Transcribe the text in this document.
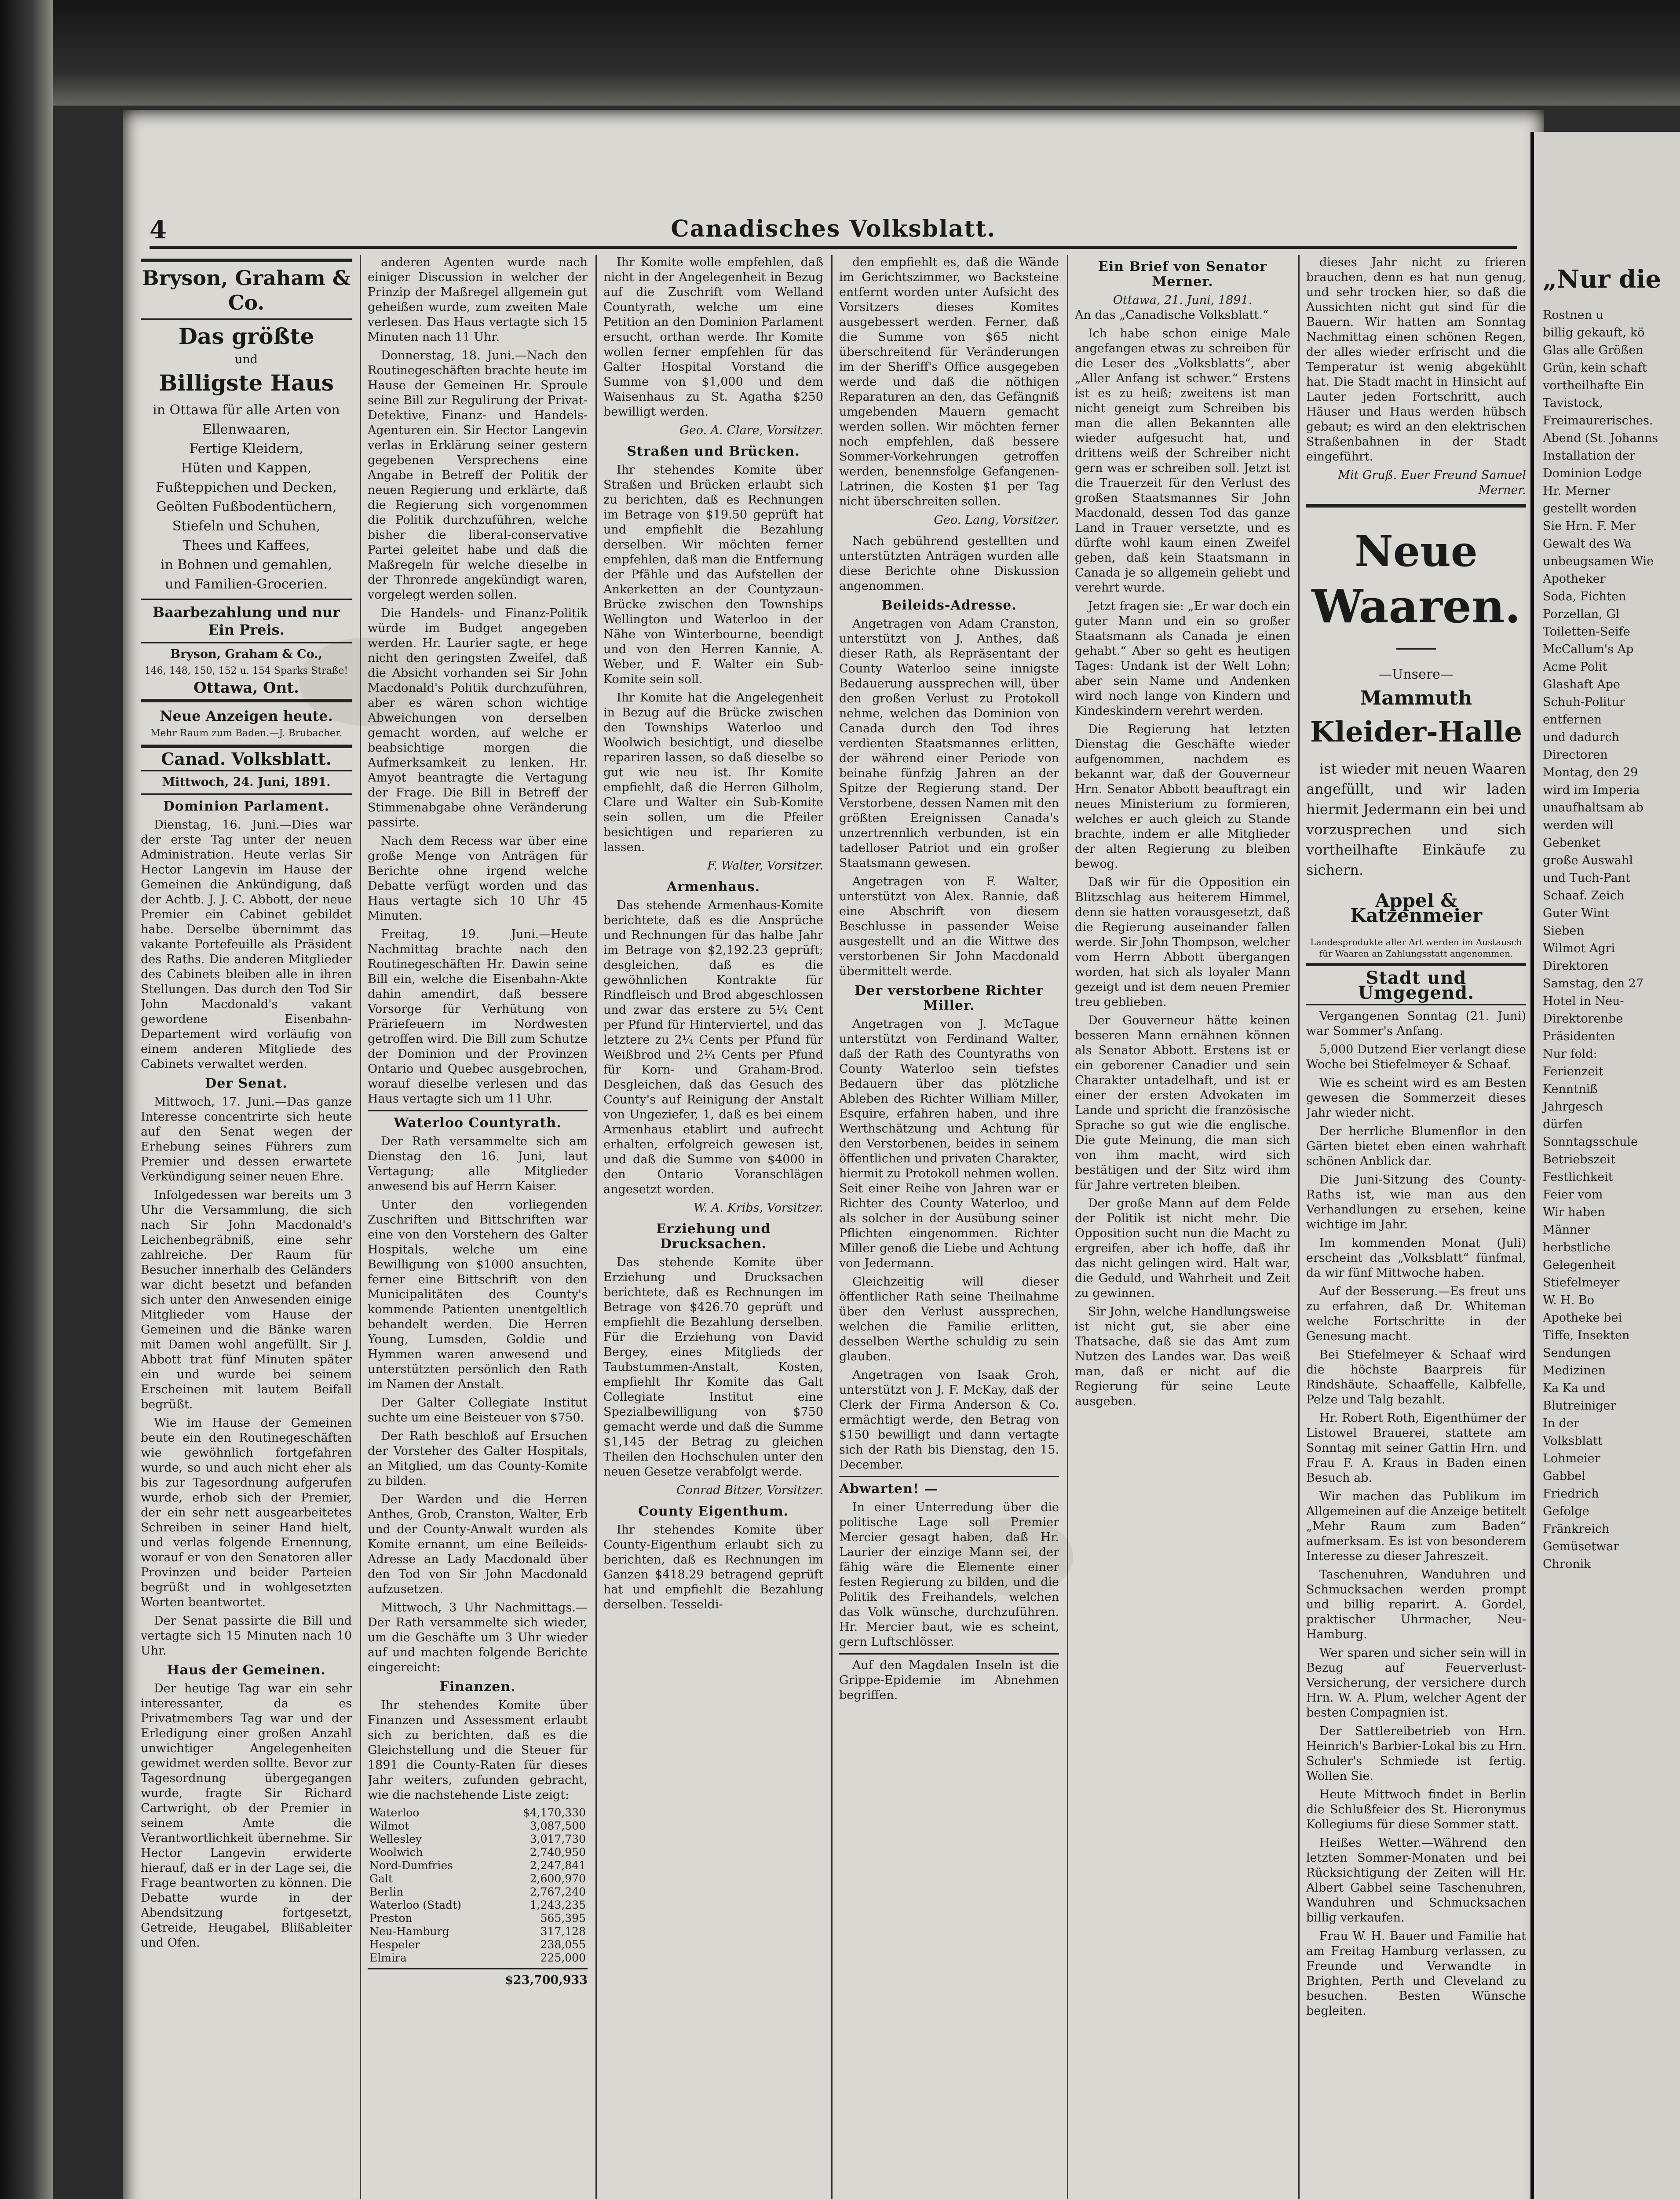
4	Canadisches Volksblatt.
Bryson, Graham & Co.
Das größte
und
Billigste Haus
in Ottawa für alle Arten von
Ellenwaaren,
Fertige Kleidern,
Hüten und Kappen,
Fußteppichen und Decken,
Geölten Fußbodentüchern,
Stiefeln und Schuhen,
Thees und Kaffees,
in Bohnen und gemahlen,
und Familien-Grocerien.
Baarbezahlung und nur Ein Preis.
Bryson, Graham & Co.,
146, 148, 150, 152 u. 154 Sparks Straße!
Ottawa, Ont.
Neue Anzeigen heute.
Mehr Raum zum Baden.—J. Brubacher.
Canad. Volksblatt.
Mittwoch, 24. Juni, 1891.
Dominion Parlament.

Dienstag, 16. Juni.—Dies war der erste Tag unter der neuen Administration. Heute verlas Sir Hector Langevin im Hause der Gemeinen die Ankündigung, daß der Achtb. J. J. C. Abbott, der neue Premier ein Cabinet gebildet habe. Derselbe übernimmt das vakante Portefeuille als Präsident des Raths. Die anderen Mitglieder des Cabinets bleiben alle in ihren Stellungen. Das durch den Tod Sir John Macdonald's vakant gewordene Eisenbahn-Departement wird vorläufig von einem anderen Mitgliede des Cabinets verwaltet werden.

Der Senat.

Mittwoch, 17. Juni.—Das ganze Interesse concentrirte sich heute auf den Senat wegen der Erhebung seines Führers zum Premier und dessen erwartete Verkündigung seiner neuen Ehre.

Infolgedessen war bereits um 3 Uhr die Versammlung, die sich nach Sir John Macdonald's Leichenbegräbniß, eine sehr zahlreiche. Der Raum für Besucher innerhalb des Geländers war dicht besetzt und befanden sich unter den Anwesenden einige Mitglieder vom Hause der Gemeinen und die Bänke waren mit Damen wohl angefüllt. Sir J. Abbott trat fünf Minuten später ein und wurde bei seinem Erscheinen mit lautem Beifall begrüßt.

Wie im Hause der Gemeinen beute ein den Routinegeschäften wie gewöhnlich fortgefahren wurde, so und auch nicht eher als bis zur Tagesordnung aufgerufen wurde, erhob sich der Premier, der ein sehr nett ausgearbeitetes Schreiben in seiner Hand hielt, und verlas folgende Ernennung, worauf er von den Senatoren aller Provinzen und beider Parteien begrüßt und in wohlgesetzten Worten beantwortet.

Der Senat passirte die Bill und vertagte sich 15 Minuten nach 10 Uhr.

Haus der Gemeinen.

Der heutige Tag war ein sehr interessanter, da es Privatmembers Tag war und der Erledigung einer großen Anzahl unwichtiger Angelegenheiten gewidmet werden sollte. Bevor zur Tagesordnung übergegangen wurde, fragte Sir Richard Cartwright, ob der Premier in seinem Amte die Verantwortlichkeit übernehme. Sir Hector Langevin erwiderte hierauf, daß er in der Lage sei, die Frage beantworten zu können. Die Debatte wurde in der Abendsitzung fortgesetzt, Getreide, Heugabel, Blißableiter und Ofen.

anderen Agenten wurde nach einiger Discussion in welcher der Prinzip der Maßregel allgemein gut geheißen wurde, zum zweiten Male verlesen. Das Haus vertagte sich 15 Minuten nach 11 Uhr.

Donnerstag, 18. Juni.—Nach den Routinegeschäften brachte heute im Hause der Gemeinen Hr. Sproule seine Bill zur Regulirung der Privat-Detektive, Finanz- und Handels-Agenturen ein. Sir Hector Langevin verlas in Erklärung seiner gestern gegebenen Versprechens eine Angabe in Betreff der Politik der neuen Regierung und erklärte, daß die Regierung sich vorgenommen die Politik durchzuführen, welche bisher die liberal-conservative Partei geleitet habe und daß die Maßregeln für welche dieselbe in der Thronrede angekündigt waren, vorgelegt werden sollen.

Die Handels- und Finanz-Politik würde im Budget angegeben werden. Hr. Laurier sagte, er hege nicht den geringsten Zweifel, daß die Absicht vorhanden sei Sir John Macdonald's Politik durchzuführen, aber es wären schon wichtige Abweichungen von derselben gemacht worden, auf welche er beabsichtige morgen die Aufmerksamkeit zu lenken. Hr. Amyot beantragte die Vertagung der Frage. Die Bill in Betreff der Stimmenabgabe ohne Veränderung passirte.

Nach dem Recess war über eine große Menge von Anträgen für Berichte ohne irgend welche Debatte verfügt worden und das Haus vertagte sich 10 Uhr 45 Minuten.

Freitag, 19. Juni.—Heute Nachmittag brachte nach den Routinegeschäften Hr. Dawin seine Bill ein, welche die Eisenbahn-Akte dahin amendirt, daß bessere Vorsorge für Verhütung von Präriefeuern im Nordwesten getroffen wird. Die Bill zum Schutze der Dominion und der Provinzen Ontario und Quebec ausgebrochen, worauf dieselbe verlesen und das Haus vertagte sich um 11 Uhr.

Waterloo Countyrath.

Der Rath versammelte sich am Dienstag den 16. Juni, laut Vertagung; alle Mitglieder anwesend bis auf Herrn Kaiser.

Unter den vorliegenden Zuschriften und Bittschriften war eine von den Vorstehern des Galter Hospitals, welche um eine Bewilligung von $1000 ansuchten, ferner eine Bittschrift von den Municipalitäten des County's kommende Patienten unentgeltlich behandelt werden. Die Herren Young, Lumsden, Goldie und Hymmen waren anwesend und unterstützten persönlich den Rath im Namen der Anstalt.

Der Galter Collegiate Institut suchte um eine Beisteuer von $750.

Der Rath beschloß auf Ersuchen der Vorsteher des Galter Hospitals, an Mitglied, um das County-Komite zu bilden.

Der Warden und die Herren Anthes, Grob, Cranston, Walter, Erb und der County-Anwalt wurden als Komite ernannt, um eine Beileids-Adresse an Lady Macdonald über den Tod von Sir John Macdonald aufzusetzen.

Mittwoch, 3 Uhr Nachmittags.—Der Rath versammelte sich wieder, um die Geschäfte um 3 Uhr wieder auf und machten folgende Berichte eingereicht:

Finanzen.

Ihr stehendes Komite über Finanzen und Assessment erlaubt sich zu berichten, daß es die Gleichstellung und die Steuer für 1891 die County-Raten für dieses Jahr weiters, zufunden gebracht, wie die nachstehende Liste zeigt:

Waterloo	$4,170,330
Wilmot	3,087,500
Wellesley	3,017,730
Woolwich	2,740,950
Nord-Dumfries	2,247,841
Galt	2,600,970
Berlin	2,767,240
Waterloo (Stadt)	1,243,235
Preston	565,395
Neu-Hamburg	317,128
Hespeler	238,055
Elmira	225,000
$23,700,933

Ihr Komite wolle empfehlen, daß nicht in der Angelegenheit in Bezug auf die Zuschrift vom Welland Countyrath, welche um eine Petition an den Dominion Parlament ersucht, orthan werde. Ihr Komite wollen ferner empfehlen für das Galter Hospital Vorstand die Summe von $1,000 und dem Waisenhaus zu St. Agatha $250 bewilligt werden.

Geo. A. Clare, Vorsitzer.
Straßen und Brücken.

Ihr stehendes Komite über Straßen und Brücken erlaubt sich zu berichten, daß es Rechnungen im Betrage von $19.50 geprüft hat und empfiehlt die Bezahlung derselben. Wir möchten ferner empfehlen, daß man die Entfernung der Pfähle und das Aufstellen der Ankerketten an der Countyzaun-Brücke zwischen den Townships Wellington und Waterloo in der Nähe von Winterbourne, beendigt und von den Herren Kannie, A. Weber, und F. Walter ein Sub-Komite sein soll.

Ihr Komite hat die Angelegenheit in Bezug auf die Brücke zwischen den Townships Waterloo und Woolwich besichtigt, und dieselbe repariren lassen, so daß dieselbe so gut wie neu ist. Ihr Komite empfiehlt, daß die Herren Gilholm, Clare und Walter ein Sub-Komite sein sollen, um die Pfeiler besichtigen und reparieren zu lassen.

F. Walter, Vorsitzer.
Armenhaus.

Das stehende Armenhaus-Komite berichtete, daß es die Ansprüche und Rechnungen für das halbe Jahr im Betrage von $2,192.23 geprüft; desgleichen, daß es die gewöhnlichen Kontrakte für Rindfleisch und Brod abgeschlossen und zwar das erstere zu 5¼ Cent per Pfund für Hinterviertel, und das letztere zu 2¼ Cents per Pfund für Weißbrod und 2¼ Cents per Pfund für Korn- und Graham-Brod. Desgleichen, daß das Gesuch des County's auf Reinigung der Anstalt von Ungeziefer, 1, daß es bei einem Armenhaus etablirt und aufrecht erhalten, erfolgreich gewesen ist, und daß die Summe von $4000 in den Ontario Voranschlägen angesetzt worden.

W. A. Kribs, Vorsitzer.
Erziehung und Drucksachen.

Das stehende Komite über Erziehung und Drucksachen berichtete, daß es Rechnungen im Betrage von $426.70 geprüft und empfiehlt die Bezahlung derselben. Für die Erziehung von David Bergey, eines Mitglieds der Taubstummen-Anstalt, Kosten, empfiehlt Ihr Komite das Galt Collegiate Institut eine Spezialbewilligung von $750 gemacht werde und daß die Summe $1,145 der Betrag zu gleichen Theilen den Hochschulen unter den neuen Gesetze verabfolgt werde.

Conrad Bitzer, Vorsitzer.
County Eigenthum.

Ihr stehendes Komite über County-Eigenthum erlaubt sich zu berichten, daß es Rechnungen im Ganzen $418.29 betragend geprüft hat und empfiehlt die Bezahlung derselben. Tesseldi-

den empfiehlt es, daß die Wände im Gerichtszimmer, wo Backsteine entfernt worden unter Aufsicht des Vorsitzers dieses Komites ausgebessert werden. Ferner, daß die Summe von $65 nicht überschreitend für Veränderungen im der Sheriff's Office ausgegeben werde und daß die nöthigen Reparaturen an den, das Gefängniß umgebenden Mauern gemacht werden sollen. Wir möchten ferner noch empfehlen, daß bessere Sommer-Vorkehrungen getroffen werden, benennsfolge Gefangenen-Latrinen, die Kosten $1 per Tag nicht überschreiten sollen.

Geo. Lang, Vorsitzer.

Nach gebührend gestellten und unterstützten Anträgen wurden alle diese Berichte ohne Diskussion angenommen.

Beileids-Adresse.

Angetragen von Adam Cranston, unterstützt von J. Anthes, daß dieser Rath, als Repräsentant der County Waterloo seine innigste Bedauerung aussprechen will, über den großen Verlust zu Protokoll nehme, welchen das Dominion von Canada durch den Tod ihres verdienten Staatsmannes erlitten, der während einer Periode von beinahe fünfzig Jahren an der Spitze der Regierung stand. Der Verstorbene, dessen Namen mit den größten Ereignissen Canada's unzertrennlich verbunden, ist ein tadelloser Patriot und ein großer Staatsmann gewesen.

Angetragen von F. Walter, unterstützt von Alex. Rannie, daß eine Abschrift von diesem Beschlusse in passender Weise ausgestellt und an die Wittwe des verstorbenen Sir John Macdonald übermittelt werde.

Der verstorbene Richter Miller.

Angetragen von J. McTague unterstützt von Ferdinand Walter, daß der Rath des Countyraths von County Waterloo sein tiefstes Bedauern über das plötzliche Ableben des Richter William Miller, Esquire, erfahren haben, und ihre Werthschätzung und Achtung für den Verstorbenen, beides in seinem öffentlichen und privaten Charakter, hiermit zu Protokoll nehmen wollen. Seit einer Reihe von Jahren war er Richter des County Waterloo, und als solcher in der Ausübung seiner Pflichten eingenommen. Richter Miller genoß die Liebe und Achtung von Jedermann.

Gleichzeitig will dieser öffentlicher Rath seine Theilnahme über den Verlust aussprechen, welchen die Familie erlitten, desselben Werthe schuldig zu sein glauben.

Angetragen von Isaak Groh, unterstützt von J. F. McKay, daß der Clerk der Firma Anderson & Co. ermächtigt werde, den Betrag von $150 bewilligt und dann vertagte sich der Rath bis Dienstag, den 15. December.

Abwarten! —

In einer Unterredung über die politische Lage soll Premier Mercier gesagt haben, daß Hr. Laurier der einzige Mann sei, der fähig wäre die Elemente einer festen Regierung zu bilden, und die Politik des Freihandels, welchen das Volk wünsche, durchzuführen. Hr. Mercier baut, wie es scheint, gern Luftschlösser.

Auf den Magdalen Inseln ist die Grippe-Epidemie im Abnehmen begriffen.

Ein Brief von Senator Merner.
Ottawa, 21. Juni, 1891.

An das „Canadische Volksblatt.“

Ich habe schon einige Male angefangen etwas zu schreiben für die Leser des „Volksblatts“, aber „Aller Anfang ist schwer.“ Erstens ist es zu heiß; zweitens ist man nicht geneigt zum Schreiben bis man die allen Bekannten alle wieder aufgesucht hat, und drittens weiß der Schreiber nicht gern was er schreiben soll. Jetzt ist die Trauerzeit für den Verlust des großen Staatsmannes Sir John Macdonald, dessen Tod das ganze Land in Trauer versetzte, und es dürfte wohl kaum einen Zweifel geben, daß kein Staatsmann in Canada je so allgemein geliebt und verehrt wurde.

Jetzt fragen sie: „Er war doch ein guter Mann und ein so großer Staatsmann als Canada je einen gehabt.“ Aber so geht es heutigen Tages: Undank ist der Welt Lohn; aber sein Name und Andenken wird noch lange von Kindern und Kindeskindern verehrt werden.

Die Regierung hat letzten Dienstag die Geschäfte wieder aufgenommen, nachdem es bekannt war, daß der Gouverneur Hrn. Senator Abbott beauftragt ein neues Ministerium zu formieren, welches er auch gleich zu Stande brachte, indem er alle Mitglieder der alten Regierung zu bleiben bewog.

Daß wir für die Opposition ein Blitzschlag aus heiterem Himmel, denn sie hatten vorausgesetzt, daß die Regierung auseinander fallen werde. Sir John Thompson, welcher vom Herrn Abbott übergangen worden, hat sich als loyaler Mann gezeigt und ist dem neuen Premier treu geblieben.

Der Gouverneur hätte keinen besseren Mann ernähnen können als Senator Abbott. Erstens ist er ein geborener Canadier und sein Charakter untadelhaft, und ist er einer der ersten Advokaten im Lande und spricht die französische Sprache so gut wie die englische. Die gute Meinung, die man sich von ihm macht, wird sich bestätigen und der Sitz wird ihm für Jahre vertreten bleiben.

Der große Mann auf dem Felde der Politik ist nicht mehr. Die Opposition sucht nun die Macht zu ergreifen, aber ich hoffe, daß ihr das nicht gelingen wird. Halt war, die Geduld, und Wahrheit und Zeit zu gewinnen.

Sir John, welche Handlungsweise ist nicht gut, sie aber eine Thatsache, daß sie das Amt zum Nutzen des Landes war. Das weiß man, daß er nicht auf die Regierung für seine Leute ausgeben.

dieses Jahr nicht zu frieren brauchen, denn es hat nun genug, und sehr trocken hier, so daß die Aussichten nicht gut sind für die Bauern. Wir hatten am Sonntag Nachmittag einen schönen Regen, der alles wieder erfrischt und die Temperatur ist wenig abgekühlt hat. Die Stadt macht in Hinsicht auf Lauter jeden Fortschritt, auch Häuser und Haus werden hübsch gebaut; es wird an den elektrischen Straßenbahnen in der Stadt eingeführt.

Mit Gruß. Euer Freund Samuel Merner.
Neue
Waaren.
—Unsere—
Mammuth
Kleider-Halle

ist wieder mit neuen Waaren angefüllt, und wir laden hiermit Jedermann ein bei und vorzusprechen und sich vortheilhafte Einkäufe zu sichern.

Appel & Katzenmeier
Landesprodukte aller Art werden im Austausch für Waaren an Zahlungsstatt angenommen.
Stadt und Umgegend.

Vergangenen Sonntag (21. Juni) war Sommer's Anfang.

5,000 Dutzend Eier verlangt diese Woche bei Stiefelmeyer & Schaaf.

Wie es scheint wird es am Besten gewesen die Sommerzeit dieses Jahr wieder nicht.

Der herrliche Blumenflor in den Gärten bietet eben einen wahrhaft schönen Anblick dar.

Die Juni-Sitzung des County-Raths ist, wie man aus den Verhandlungen zu ersehen, keine wichtige im Jahr.

Im kommenden Monat (Juli) erscheint das „Volksblatt“ fünfmal, da wir fünf Mittwoche haben.

Auf der Besserung.—Es freut uns zu erfahren, daß Dr. Whiteman welche Fortschritte in der Genesung macht.

Bei Stiefelmeyer & Schaaf wird die höchste Baarpreis für Rindshäute, Schaaffelle, Kalbfelle, Pelze und Talg bezahlt.

Hr. Robert Roth, Eigenthümer der Listowel Brauerei, stattete am Sonntag mit seiner Gattin Hrn. und Frau F. A. Kraus in Baden einen Besuch ab.

Wir machen das Publikum im Allgemeinen auf die Anzeige betitelt „Mehr Raum zum Baden“ aufmerksam. Es ist von besonderem Interesse zu dieser Jahreszeit.

Taschenuhren, Wanduhren und Schmucksachen werden prompt und billig reparirt. A. Gordel, praktischer Uhrmacher, Neu-Hamburg.

Wer sparen und sicher sein will in Bezug auf Feuerverlust-Versicherung, der versichere durch Hrn. W. A. Plum, welcher Agent der besten Compagnien ist.

Der Sattlereibetrieb von Hrn. Heinrich's Barbier-Lokal bis zu Hrn. Schuler's Schmiede ist fertig. Wollen Sie.

Heute Mittwoch findet in Berlin die Schlußfeier des St. Hieronymus Kollegiums für diese Sommer statt.

Heißes Wetter.—Während den letzten Sommer-Monaten und bei Rücksichtigung der Zeiten will Hr. Albert Gabbel seine Taschenuhren, Wanduhren und Schmucksachen billig verkaufen.

Frau W. H. Bauer und Familie hat am Freitag Hamburg verlassen, zu Freunde und Verwandte in Brighten, Perth und Cleveland zu besuchen. Besten Wünsche begleiten.

„Nur die

Rostnen u

billig gekauft, kö

Glas alle Größen

Grün, kein schaft

vortheilhafte Ein

Tavistock,

Freimaurerisches.

Abend (St. Johanns

Installation der

Dominion Lodge

Hr. Merner

gestellt worden

Sie Hrn. F. Mer

Gewalt des Wa

unbeugsamen Wie

Apotheker

Soda, Fichten

Porzellan, Gl

Toiletten-Seife

McCallum's Ap

Acme Polit

Glashaft Ape

Schuh-Politur

entfernen

und dadurch

Directoren

Montag, den 29

wird im Imperia

unaufhaltsam ab

werden will

Gebenket

große Auswahl

und Tuch-Pant

Schaaf. Zeich

Guter Wint

Sieben

Wilmot Agri

Direktoren

Samstag, den 27

Hotel in Neu-

Direktorenbe

Präsidenten

Nur fold:

Ferienzeit

Kenntniß

Jahrgesch

dürfen

Sonntagsschule

Betriebszeit

Festlichkeit

Feier vom

Wir haben

Männer

herbstliche

Gelegenheit

Stiefelmeyer

W. H. Bo

Apotheke bei

Tiffe, Insekten

Sendungen

Medizinen

Ka Ka und

Blutreiniger

In der

Volksblatt

Lohmeier

Gabbel

Friedrich

Gefolge

Fränkreich

Gemüsetwar

Chronik
